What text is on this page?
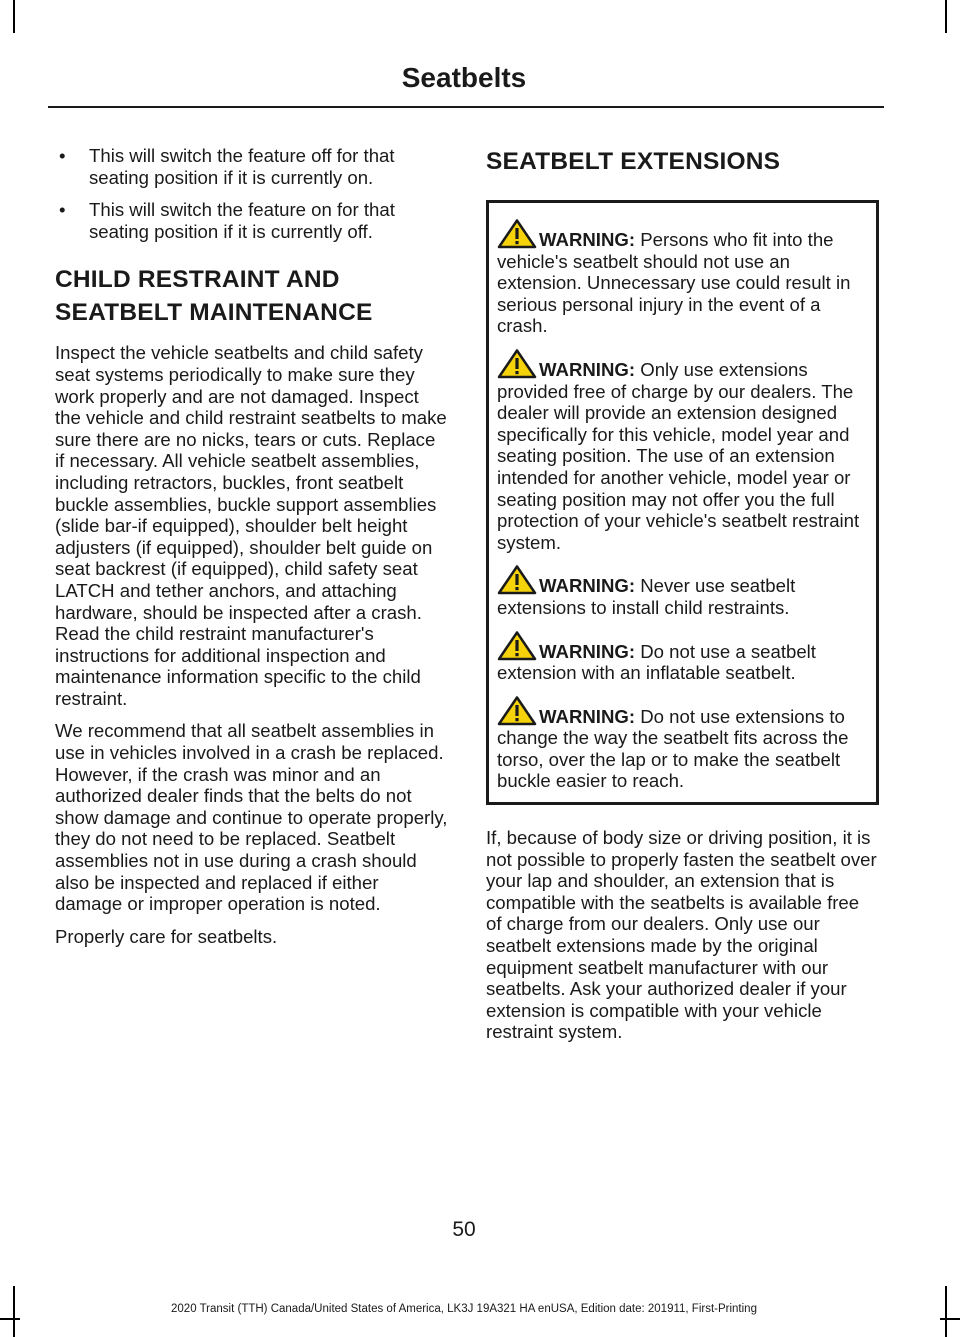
Seatbelts
• This will switch the feature off for that seating position if it is currently on.
• This will switch the feature on for that seating position if it is currently off.
CHILD RESTRAINT AND
SEATBELT MAINTENANCE

Inspect the vehicle seatbelts and child safety seat systems periodically to make sure they work properly and are not damaged. Inspect the vehicle and child restraint seatbelts to make sure there are no nicks, tears or cuts. Replace if necessary. All vehicle seatbelt assemblies, including retractors, buckles, front seatbelt buckle assemblies, buckle support assemblies (slide bar-if equipped), shoulder belt height adjusters (if equipped), shoulder belt guide on seat backrest (if equipped), child safety seat LATCH and tether anchors, and attaching hardware, should be inspected after a crash. Read the child restraint manufacturer's instructions for additional inspection and maintenance information specific to the child restraint.

We recommend that all seatbelt assemblies in use in vehicles involved in a crash be replaced. However, if the crash was minor and an authorized dealer finds that the belts do not show damage and continue to operate properly, they do not need to be replaced. Seatbelt assemblies not in use during a crash should also be inspected and replaced if either damage or improper operation is noted.

Properly care for seatbelts.

SEATBELT EXTENSIONS
WARNING: Persons who fit into the vehicle's seatbelt should not use an extension. Unnecessary use could result in serious personal injury in the event of a crash.
WARNING: Only use extensions provided free of charge by our dealers. The dealer will provide an extension designed specifically for this vehicle, model year and seating position. The use of an extension intended for another vehicle, model year or seating position may not offer you the full protection of your vehicle's seatbelt restraint system.
WARNING: Never use seatbelt extensions to install child restraints.
WARNING: Do not use a seatbelt extension with an inflatable seatbelt.
WARNING: Do not use extensions to change the way the seatbelt fits across the torso, over the lap or to make the seatbelt buckle easier to reach.

If, because of body size or driving position, it is not possible to properly fasten the seatbelt over your lap and shoulder, an extension that is compatible with the seatbelts is available free of charge from our dealers. Only use our seatbelt extensions made by the original equipment seatbelt manufacturer with our seatbelts. Ask your authorized dealer if your extension is compatible with your vehicle restraint system.

50
2020 Transit (TTH) Canada/United States of America, LK3J 19A321 HA enUSA, Edition date: 201911, First-Printing
